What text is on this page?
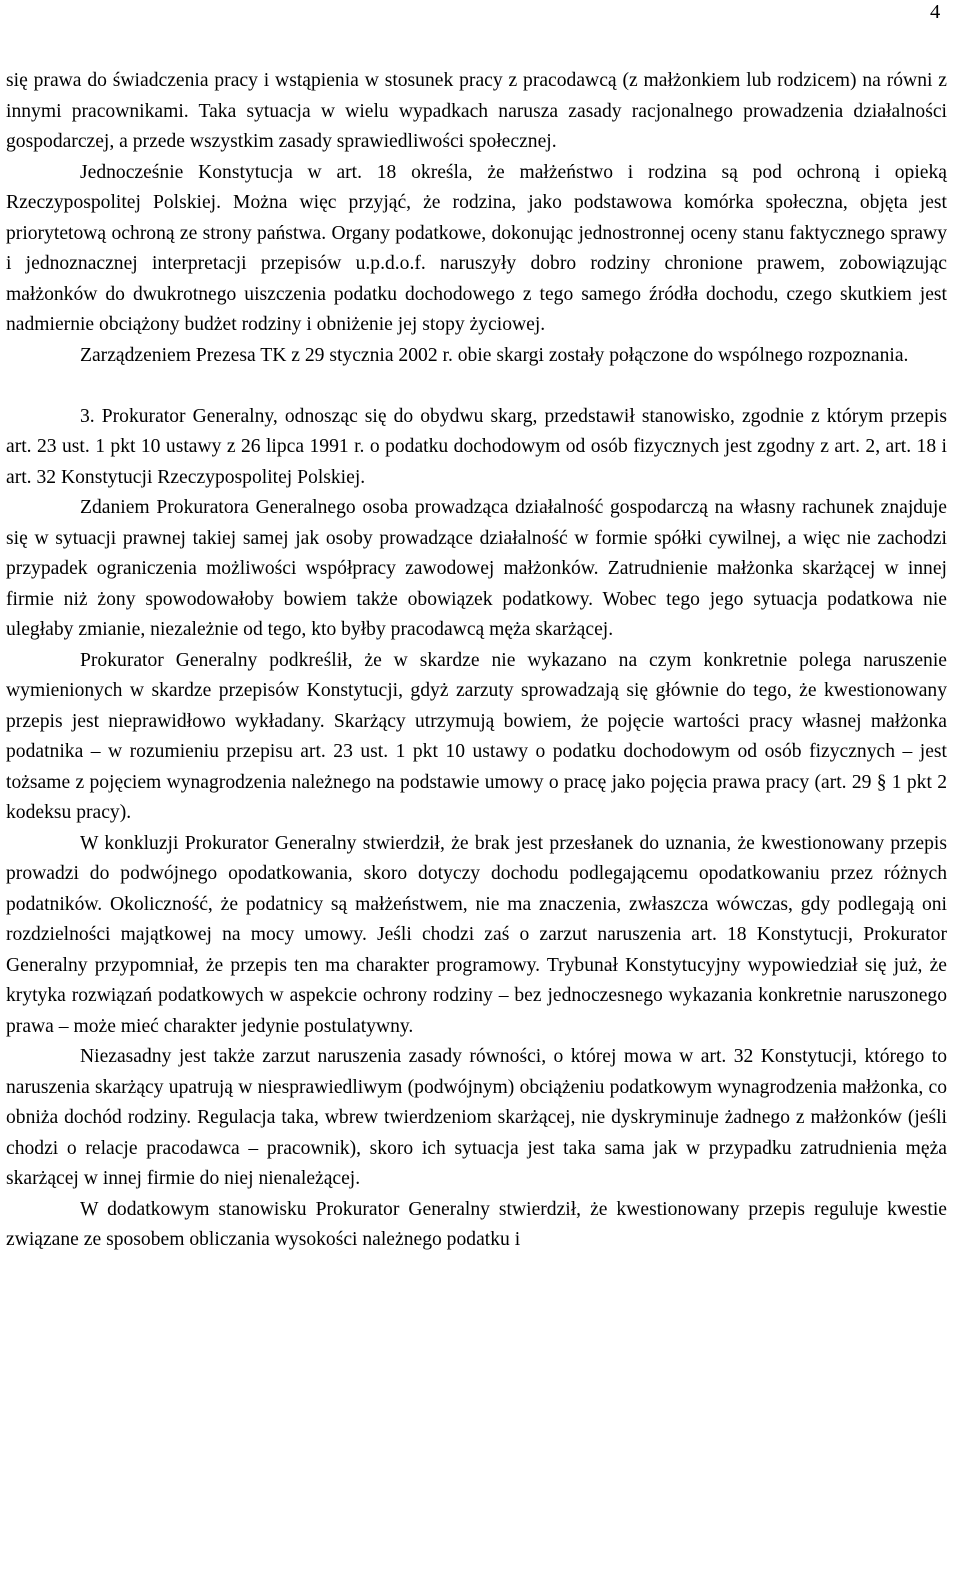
4

się prawa do świadczenia pracy i wstąpienia w stosunek pracy z pracodawcą (z małżonkiem lub rodzicem) na równi z innymi pracownikami. Taka sytuacja w wielu wypadkach narusza zasady racjonalnego prowadzenia działalności gospodarczej, a przede wszystkim zasady sprawiedliwości społecznej.

Jednocześnie Konstytucja w art. 18 określa, że małżeństwo i rodzina są pod ochroną i opieką Rzeczypospolitej Polskiej. Można więc przyjąć, że rodzina, jako podstawowa komórka społeczna, objęta jest priorytetową ochroną ze strony państwa. Organy podatkowe, dokonując jednostronnej oceny stanu faktycznego sprawy i jednoznacznej interpretacji przepisów u.p.d.o.f. naruszyły dobro rodziny chronione prawem, zobowiązując małżonków do dwukrotnego uiszczenia podatku dochodowego z tego samego źródła dochodu, czego skutkiem jest nadmiernie obciążony budżet rodziny i obniżenie jej stopy życiowej.

Zarządzeniem Prezesa TK z 29 stycznia 2002 r. obie skargi zostały połączone do wspólnego rozpoznania.

3. Prokurator Generalny, odnosząc się do obydwu skarg, przedstawił stanowisko, zgodnie z którym przepis art. 23 ust. 1 pkt 10 ustawy z 26 lipca 1991 r. o podatku dochodowym od osób fizycznych jest zgodny z art. 2, art. 18 i art. 32 Konstytucji Rzeczypospolitej Polskiej.

Zdaniem Prokuratora Generalnego osoba prowadząca działalność gospodarczą na własny rachunek znajduje się w sytuacji prawnej takiej samej jak osoby prowadzące działalność w formie spółki cywilnej, a więc nie zachodzi przypadek ograniczenia możliwości współpracy zawodowej małżonków. Zatrudnienie małżonka skarżącej w innej firmie niż żony spowodowałoby bowiem także obowiązek podatkowy. Wobec tego jego sytuacja podatkowa nie uległaby zmianie, niezależnie od tego, kto byłby pracodawcą męża skarżącej.

Prokurator Generalny podkreślił, że w skardze nie wykazano na czym konkretnie polega naruszenie wymienionych w skardze przepisów Konstytucji, gdyż zarzuty sprowadzają się głównie do tego, że kwestionowany przepis jest nieprawidłowo wykładany. Skarżący utrzymują bowiem, że pojęcie wartości pracy własnej małżonka podatnika – w rozumieniu przepisu art. 23 ust. 1 pkt 10 ustawy o podatku dochodowym od osób fizycznych – jest tożsame z pojęciem wynagrodzenia należnego na podstawie umowy o pracę jako pojęcia prawa pracy (art. 29 § 1 pkt 2 kodeksu pracy).

W konkluzji Prokurator Generalny stwierdził, że brak jest przesłanek do uznania, że kwestionowany przepis prowadzi do podwójnego opodatkowania, skoro dotyczy dochodu podlegającemu opodatkowaniu przez różnych podatników. Okoliczność, że podatnicy są małżeństwem, nie ma znaczenia, zwłaszcza wówczas, gdy podlegają oni rozdzielności majątkowej na mocy umowy. Jeśli chodzi zaś o zarzut naruszenia art. 18 Konstytucji, Prokurator Generalny przypomniał, że przepis ten ma charakter programowy. Trybunał Konstytucyjny wypowiedział się już, że krytyka rozwiązań podatkowych w aspekcie ochrony rodziny – bez jednoczesnego wykazania konkretnie naruszonego prawa – może mieć charakter jedynie postulatywny.

Niezasadny jest także zarzut naruszenia zasady równości, o której mowa w art. 32 Konstytucji, którego to naruszenia skarżący upatrują w niesprawiedliwym (podwójnym) obciążeniu podatkowym wynagrodzenia małżonka, co obniża dochód rodziny. Regulacja taka, wbrew twierdzeniom skarżącej, nie dyskryminuje żadnego z małżonków (jeśli chodzi o relacje pracodawca – pracownik), skoro ich sytuacja jest taka sama jak w przypadku zatrudnienia męża skarżącej w innej firmie do niej nienależącej.

W dodatkowym stanowisku Prokurator Generalny stwierdził, że kwestionowany przepis reguluje kwestie związane ze sposobem obliczania wysokości należnego podatku i
